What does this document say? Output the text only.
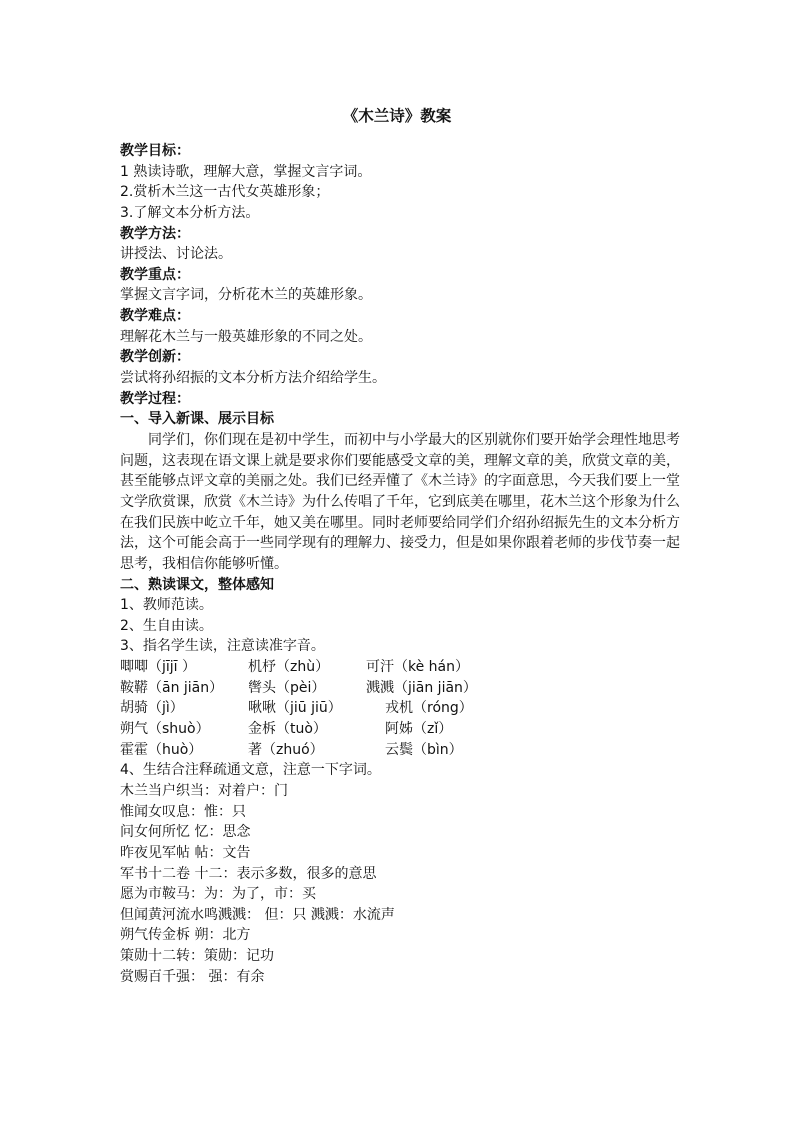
《木兰诗》教案
教学目标：
1 熟读诗歌，理解大意，掌握文言字词。
2.赏析木兰这一古代女英雄形象；
3.了解文本分析方法。
教学方法：
讲授法、讨论法。
教学重点：
掌握文言字词，分析花木兰的英雄形象。
教学难点：
理解花木兰与一般英雄形象的不同之处。
教学创新：
尝试将孙绍振的文本分析方法介绍给学生。
教学过程：
一、导入新课、展示目标
同学们，你们现在是初中学生，而初中与小学最大的区别就你们要开始学会理性地思考问题，这表现在语文课上就是要求你们要能感受文章的美，理解文章的美，欣赏文章的美，甚至能够点评文章的美丽之处。我们已经弄懂了《木兰诗》的字面意思，今天我们要上一堂文学欣赏课，欣赏《木兰诗》为什么传唱了千年，它到底美在哪里，花木兰这个形象为什么在我们民族中屹立千年，她又美在哪里。同时老师要给同学们介绍孙绍振先生的文本分析方法，这个可能会高于一些同学现有的理解力、接受力，但是如果你跟着老师的步伐节奏一起思考，我相信你能够听懂。
二、熟读课文，整体感知
1、教师范读。
2、生自由读。
3、指名学生读，注意读准字音。
唧唧（jījī ）	机杼（zhù）	可汗（kè hán）
鞍鞯（ān jiān） 辔头（pèi）	溅溅（jiān jiān）
胡骑（jì）	啾啾（jiū jiū）	戎机（róng）
朔气（shuò）	金柝（tuò）	阿姊（zǐ）
霍霍（huò）	著（zhuó）	云鬓（bìn）
4、生结合注释疏通文意，注意一下字词。
木兰当户织当：对着户：门
惟闻女叹息：惟：只
问女何所忆 忆：思念
昨夜见军帖 帖：文告
军书十二卷 十二：表示多数，很多的意思
愿为市鞍马：为：为了，市：买
但闻黄河流水鸣溅溅： 但：只 溅溅：水流声
朔气传金柝 朔：北方
策勋十二转：策勋：记功
赏赐百千强： 强：有余
